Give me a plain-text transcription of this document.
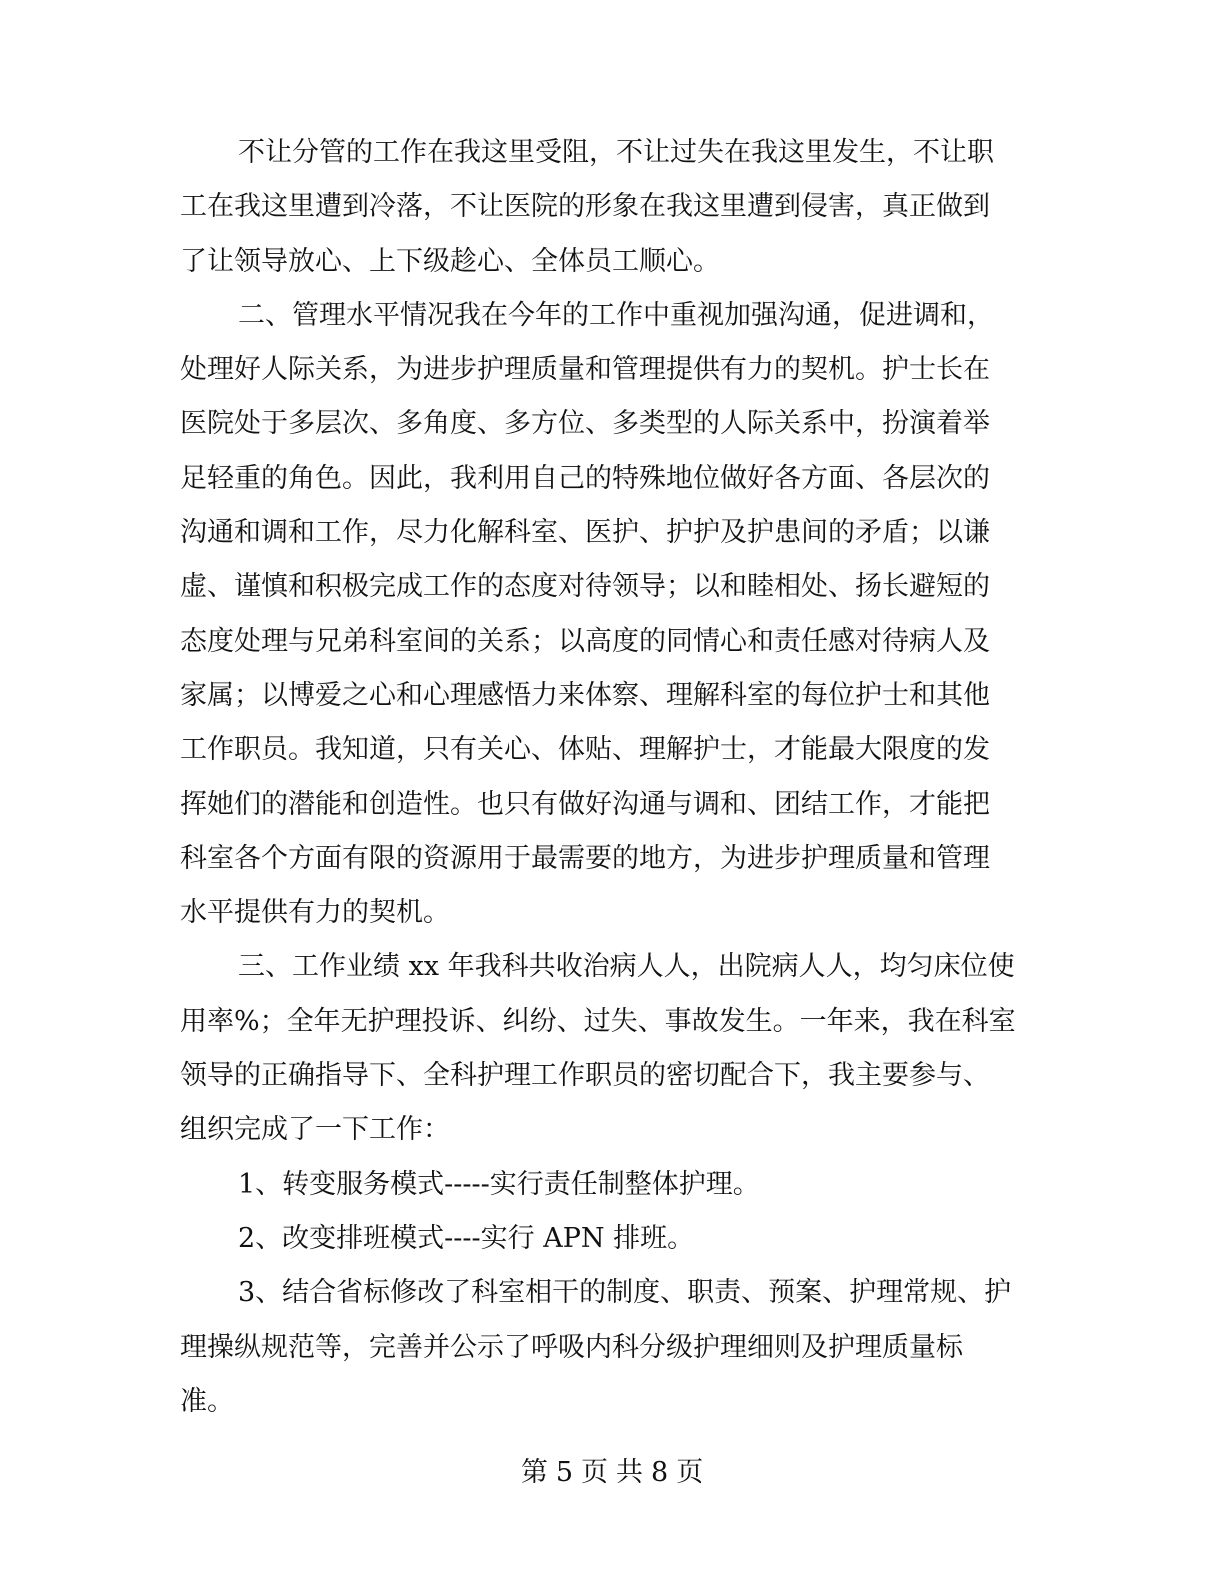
不让分管的工作在我这里受阻，不让过失在我这里发生，不让职
工在我这里遭到冷落，不让医院的形象在我这里遭到侵害，真正做到
了让领导放心、上下级趁心、全体员工顺心。
二、管理水平情况我在今年的工作中重视加强沟通，促进调和，
处理好人际关系，为进步护理质量和管理提供有力的契机。护士长在
医院处于多层次、多角度、多方位、多类型的人际关系中，扮演着举
足轻重的角色。因此，我利用自己的特殊地位做好各方面、各层次的
沟通和调和工作，尽力化解科室、医护、护护及护患间的矛盾；以谦
虚、谨慎和积极完成工作的态度对待领导；以和睦相处、扬长避短的
态度处理与兄弟科室间的关系；以高度的同情心和责任感对待病人及
家属；以博爱之心和心理感悟力来体察、理解科室的每位护士和其他
工作职员。我知道，只有关心、体贴、理解护士，才能最大限度的发
挥她们的潜能和创造性。也只有做好沟通与调和、团结工作，才能把
科室各个方面有限的资源用于最需要的地方，为进步护理质量和管理
水平提供有力的契机。
三、工作业绩 xx 年我科共收治病人人，出院病人人，均匀床位使
用率%；全年无护理投诉、纠纷、过失、事故发生。一年来，我在科室
领导的正确指导下、全科护理工作职员的密切配合下，我主要参与、
组织完成了一下工作：
1、转变服务模式-----实行责任制整体护理。
2、改变排班模式----实行 APN 排班。
3、结合省标修改了科室相干的制度、职责、预案、护理常规、护
理操纵规范等，完善并公示了呼吸内科分级护理细则及护理质量标
准。
第 5 页 共 8 页
